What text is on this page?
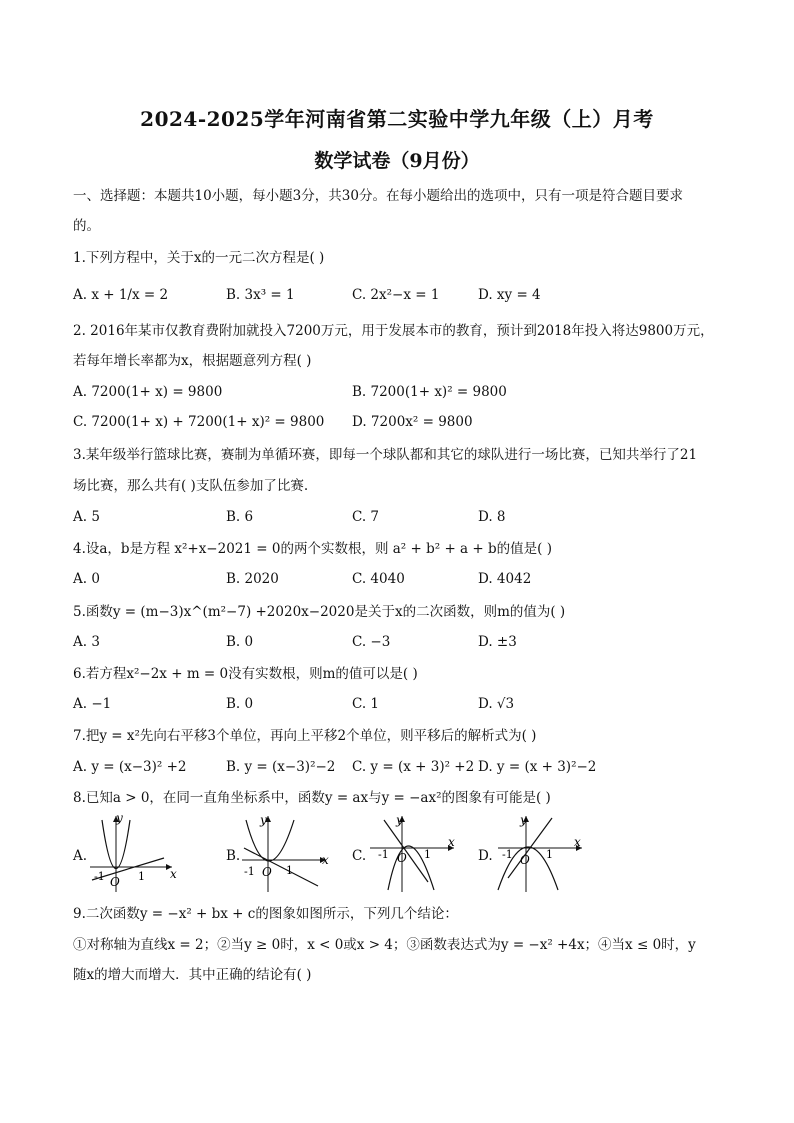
2024-2025学年河南省第二实验中学九年级（上）月考
数学试卷（9月份）
一、选择题：本题共10小题，每小题3分，共30分。在每小题给出的选项中，只有一项是符合题目要求
的。
1.下列方程中，关于x的一元二次方程是( )
A. x + 1/x = 2	B. 3x³ = 1	C. 2x²−x = 1	D. xy = 4
2. 2016年某市仅教育费附加就投入7200万元，用于发展本市的教育，预计到2018年投入将达9800万元，
若每年增长率都为x，根据题意列方程( )
A. 7200(1+ x) = 9800	B. 7200(1+ x)² = 9800
C. 7200(1+ x) + 7200(1+ x)² = 9800 D. 7200x² = 9800
3.某年级举行篮球比赛，赛制为单循环赛，即每一个球队都和其它的球队进行一场比赛，已知共举行了21
场比赛，那么共有( )支队伍参加了比赛.
A. 5	B. 6	C. 7	D. 8
4.设a，b是方程 x²+x−2021 = 0的两个实数根，则 a² + b² + a + b的值是( )
A. 0	B. 2020	C. 4040	D. 4042
5.函数y = (m−3)x^(m²−7) +2020x−2020是关于x的二次函数，则m的值为( )
A. 3	B. 0	C. −3	D. ±3
6.若方程x²−2x + m = 0没有实数根，则m的值可以是( )
A. −1	B. 0	C. 1	D. √3
7.把y = x²先向右平移3个单位，再向上平移2个单位，则平移后的解析式为( )
A. y = (x−3)² +2	B. y = (x−3)²−2 C. y = (x + 3)² +2 D. y = (x + 3)²−2
8.已知a > 0，在同一直角坐标系中，函数y = ax与y = −ax²的图象有可能是( )
A.	B.	C.	D.
y
x
O
-1	1
y
x
O
-1	1
y
x
O
-1	1
y
x
O
-1	1
9.二次函数y = −x² + bx + c的图象如图所示，下列几个结论：
①对称轴为直线x = 2；②当y ≥ 0时，x < 0或x > 4；③函数表达式为y = −x² +4x；④当x ≤ 0时，y
随x的增大而增大．其中正确的结论有( )
